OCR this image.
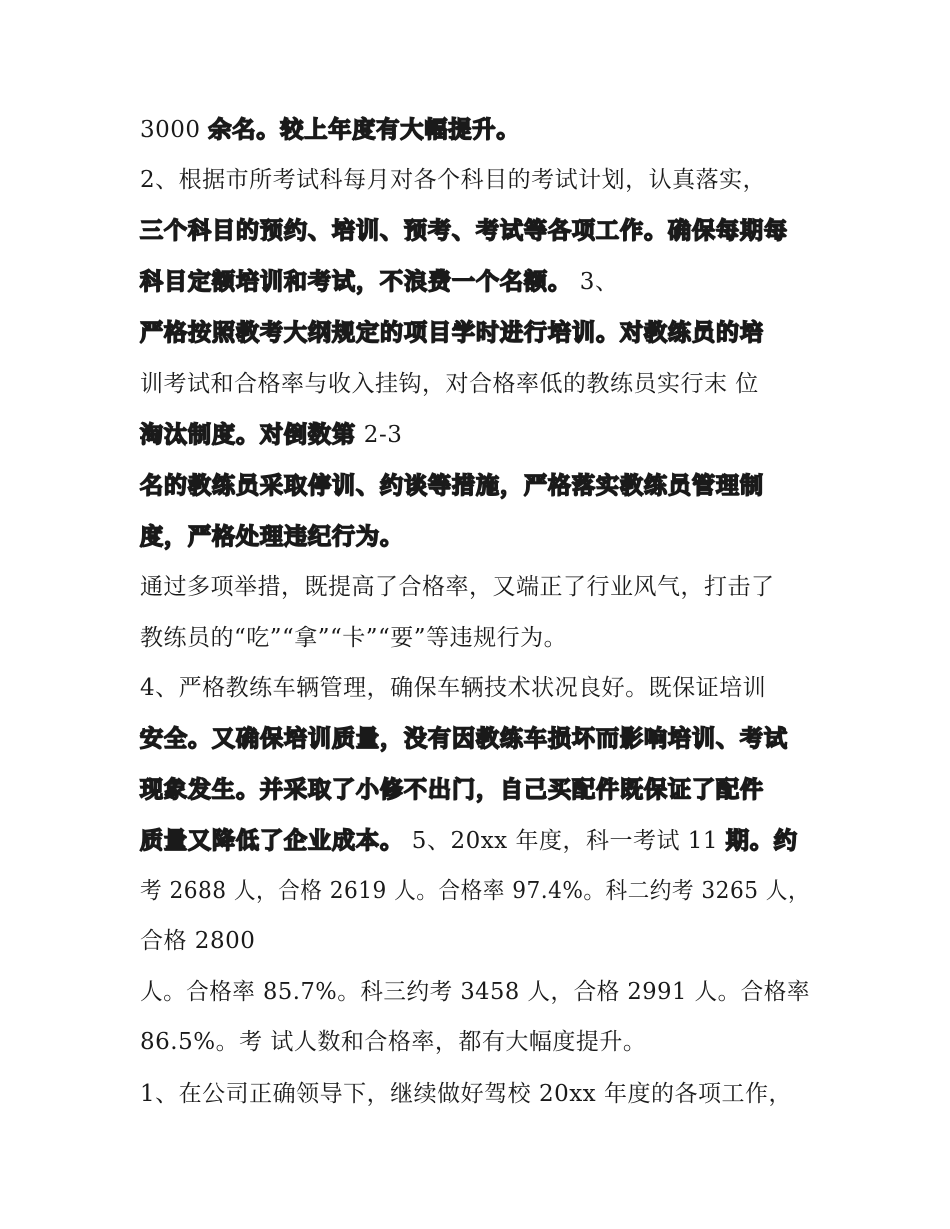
3000 余名。较上年度有大幅提升。
2、根据市所考试科每月对各个科目的考试计划，认真落实，
三个科目的预约、培训、预考、考试等各项工作。确保每期每
科目定额培训和考试，不浪费一个名额。 3、
严格按照教考大纲规定的项目学时进行培训。对教练员的培
训考试和合格率与收入挂钩，对合格率低的教练员实行末 位
淘汰制度。对倒数第 2-3
名的教练员采取停训、约谈等措施，严格落实教练员管理制
度，严格处理违纪行为。
通过多项举措，既提高了合格率，又端正了行业风气，打击了
教练员的“吃”“拿”“卡”“要”等违规行为。
4、严格教练车辆管理，确保车辆技术状况良好。既保证培训
安全。又确保培训质量，没有因教练车损坏而影响培训、考试
现象发生。并采取了小修不出门，自己买配件既保证了配件
质量又降低了企业成本。 5、20xx 年度，科一考试 11 期。约
考 2688 人，合格 2619 人。合格率 97.4%。科二约考 3265 人，
合格 2800
人。合格率 85.7%。科三约考 3458 人，合格 2991 人。合格率
86.5%。考 试人数和合格率，都有大幅度提升。
1、在公司正确领导下，继续做好驾校 20xx 年度的各项工作，
